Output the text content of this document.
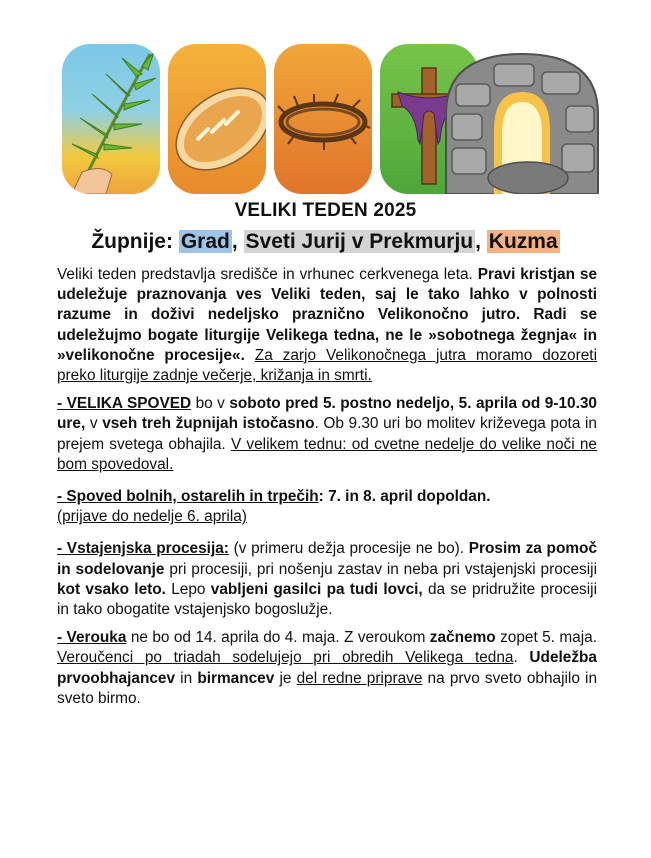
VELIKI TEDEN 2025
Župnije: Grad, Sveti Jurij v Prekmurju, Kuzma

Veliki teden predstavlja središče in vrhunec cerkvenega leta. Pravi kristjan se udeležuje praznovanja ves Veliki teden, saj le tako lahko v polnosti razume in doživi nedeljsko praznično Velikonočno jutro. Radi se udeležujmo bogate liturgije Velikega tedna, ne le »sobotnega žegnja« in »velikonočne procesije«. Za zarjo Velikonočnega jutra moramo dozoreti preko liturgije zadnje večerje, križanja in smrti.

- VELIKA SPOVED bo v soboto pred 5. postno nedeljo, 5. aprila od 9-10.30 ure, v vseh treh župnijah istočasno. Ob 9.30 uri bo molitev križevega pota in prejem svetega obhajila. V velikem tednu: od cvetne nedelje do velike noči ne bom spovedoval.

- Spoved bolnih, ostarelih in trpečih: 7. in 8. april dopoldan.
(prijave do nedelje 6. aprila)

- Vstajenjska procesija: (v primeru dežja procesije ne bo). Prosim za pomoč in sodelovanje pri procesiji, pri nošenju zastav in neba pri vstajenjski procesiji kot vsako leto. Lepo vabljeni gasilci pa tudi lovci, da se pridružite procesiji in tako obogatite vstajenjsko bogoslužje.

- Verouka ne bo od 14. aprila do 4. maja. Z veroukom začnemo zopet 5. maja. Veroučenci po triadah sodelujejo pri obredih Velikega tedna. Udeležba prvoobhajancev in birmancev je del redne priprave na prvo sveto obhajilo in sveto birmo.
